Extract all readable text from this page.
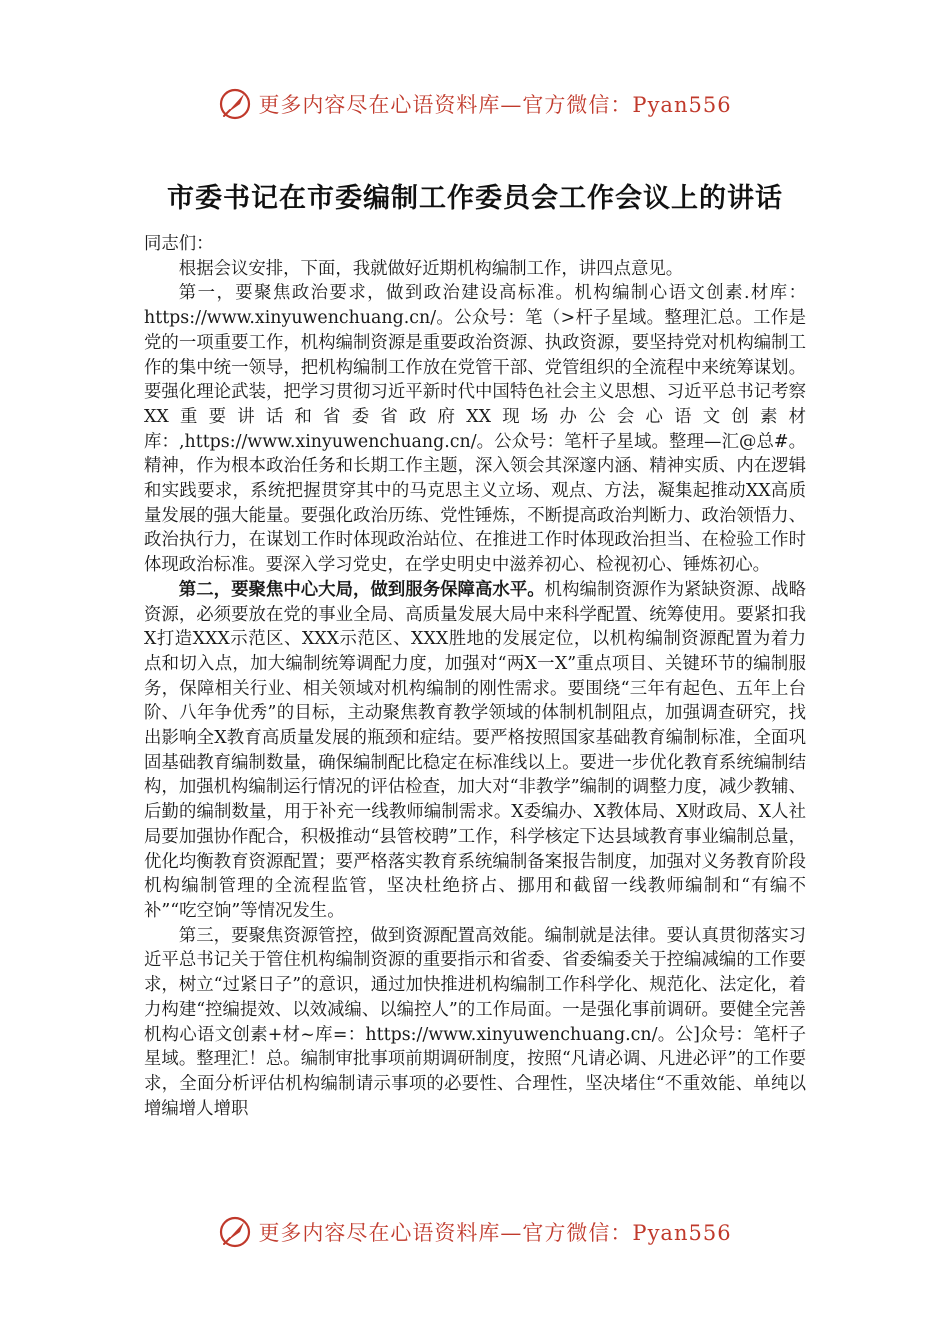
更多内容尽在心语资料库—官方微信：Pyan556
市委书记在市委编制工作委员会工作会议上的讲话

同志们：

根据会议安排，下面，我就做好近期机构编制工作，讲四点意见。

第一，要聚焦政治要求，做到政治建设高标准。机构编制心语文创素.材库：https://www.xinyuwenchuang.cn/。公众号：笔（>杆子星域。整理汇总。工作是党的一项重要工作，机构编制资源是重要政治资源、执政资源，要坚持党对机构编制工作的集中统一领导，把机构编制工作放在党管干部、党管组织的全流程中来统筹谋划。要强化理论武装，把学习贯彻习近平新时代中国特色社会主义思想、习近平总书记考察XX重要讲话和省委省政府XX现场办公会心语文创素材库：,https://www.xinyuwenchuang.cn/。公众号：笔杆子星域。整理—汇@总#。精神，作为根本政治任务和长期工作主题，深入领会其深邃内涵、精神实质、内在逻辑和实践要求，系统把握贯穿其中的马克思主义立场、观点、方法，凝集起推动XX高质量发展的强大能量。要强化政治历练、党性锤炼，不断提高政治判断力、政治领悟力、政治执行力，在谋划工作时体现政治站位、在推进工作时体现政治担当、在检验工作时体现政治标准。要深入学习党史，在学史明史中滋养初心、检视初心、锤炼初心。

第二，要聚焦中心大局，做到服务保障高水平。机构编制资源作为紧缺资源、战略资源，必须要放在党的事业全局、高质量发展大局中来科学配置、统筹使用。要紧扣我X打造XXX示范区、XXX示范区、XXX胜地的发展定位，以机构编制资源配置为着力点和切入点，加大编制统筹调配力度，加强对“两X一X”重点项目、关键环节的编制服务，保障相关行业、相关领域对机构编制的刚性需求。要围绕“三年有起色、五年上台阶、八年争优秀”的目标，主动聚焦教育教学领域的体制机制阻点，加强调查研究，找出影响全X教育高质量发展的瓶颈和症结。要严格按照国家基础教育编制标准，全面巩固基础教育编制数量，确保编制配比稳定在标准线以上。要进一步优化教育系统编制结构，加强机构编制运行情况的评估检查，加大对“非教学”编制的调整力度，减少教辅、后勤的编制数量，用于补充一线教师编制需求。X委编办、X教体局、X财政局、X人社局要加强协作配合，积极推动“县管校聘”工作，科学核定下达县域教育事业编制总量，优化均衡教育资源配置；要严格落实教育系统编制备案报告制度，加强对义务教育阶段机构编制管理的全流程监管，坚决杜绝挤占、挪用和截留一线教师编制和“有编不补”“吃空饷”等情况发生。

第三，要聚焦资源管控，做到资源配置高效能。编制就是法律。要认真贯彻落实习近平总书记关于管住机构编制资源的重要指示和省委、省委编委关于控编减编的工作要求，树立“过紧日子”的意识，通过加快推进机构编制工作科学化、规范化、法定化，着力构建“控编提效、以效减编、以编控人”的工作局面。一是强化事前调研。要健全完善机构心语文创素+材~库=：https://www.xinyuwenchuang.cn/。公]众号：笔杆子星域。整理汇！总。编制审批事项前期调研制度，按照“凡请必调、凡进必评”的工作要求，全面分析评估机构编制请示事项的必要性、合理性，坚决堵住“不重效能、单纯以增编增人增职

更多内容尽在心语资料库—官方微信：Pyan556
